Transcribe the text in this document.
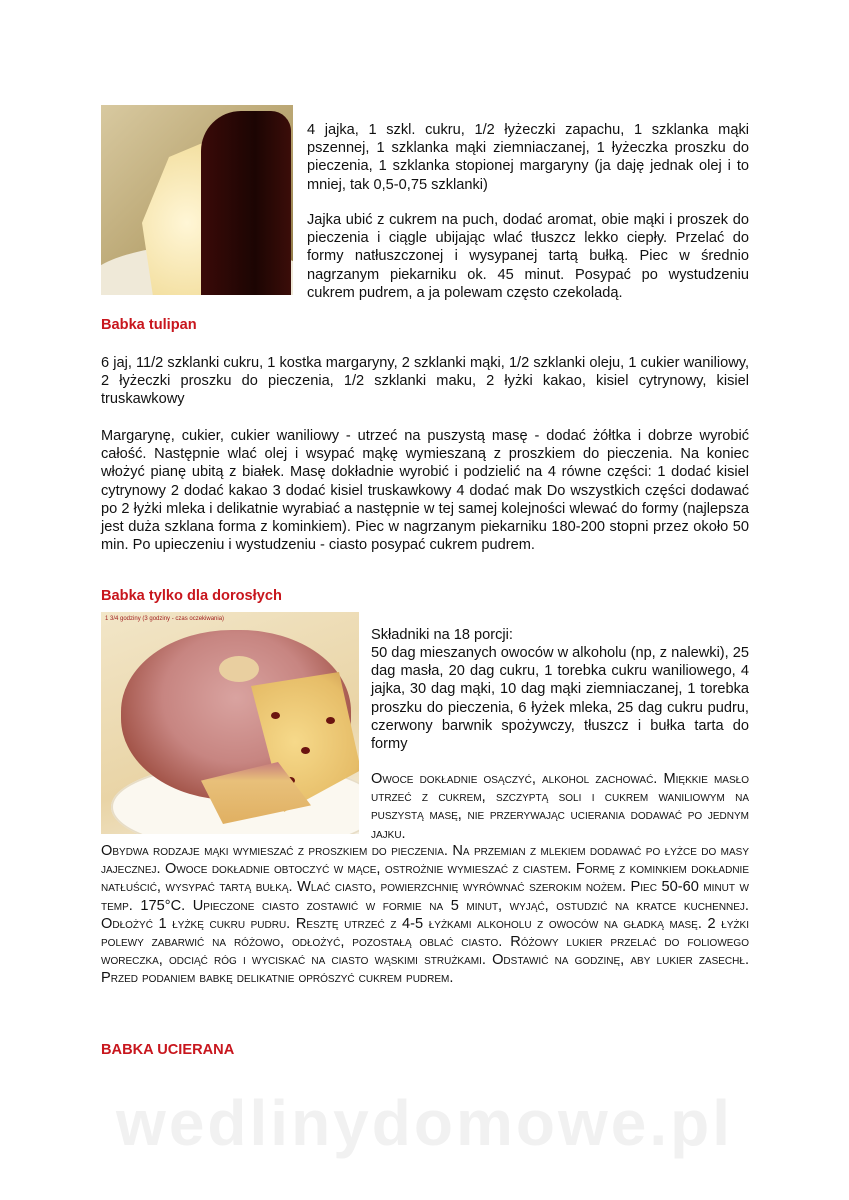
4 jajka, 1 szkl. cukru, 1/2 łyżeczki zapachu, 1 szklanka mąki pszennej, 1 szklanka mąki ziemniaczanej, 1 łyżeczka proszku do pieczenia, 1 szklanka stopionej margaryny (ja daję jednak olej i to mniej, tak 0,5-0,75 szklanki)

Jajka ubić z cukrem na puch, dodać aromat, obie mąki i proszek do pieczenia i ciągle ubijając wlać tłuszcz lekko ciepły. Przelać do formy natłuszczonej i wysypanej tartą bułką. Piec w średnio nagrzanym piekarniku ok. 45 minut. Posypać po wystudzeniu cukrem pudrem, a ja polewam często czekoladą.

Babka tulipan

6 jaj, 11/2 szklanki cukru, 1 kostka margaryny, 2 szklanki mąki, 1/2 szklanki oleju, 1 cukier waniliowy, 2 łyżeczki proszku do pieczenia, 1/2 szklanki maku, 2 łyżki kakao, kisiel cytrynowy, kisiel truskawkowy

Margarynę, cukier, cukier waniliowy - utrzeć na puszystą masę - dodać żółtka i dobrze wyrobić całość. Następnie wlać olej i wsypać mąkę wymieszaną z proszkiem do pieczenia. Na koniec włożyć pianę ubitą z białek. Masę dokładnie wyrobić i podzielić na 4 równe części: 1 dodać kisiel cytrynowy 2 dodać kakao 3 dodać kisiel truskawkowy 4 dodać mak Do wszystkich części dodawać po 2 łyżki mleka i delikatnie wyrabiać a następnie w tej samej kolejności wlewać do formy (najlepsza jest duża szklana forma z kominkiem). Piec w nagrzanym piekarniku 180-200 stopni przez około 50 min. Po upieczeniu i wystudzeniu - ciasto posypać cukrem pudrem.

Babka tylko dla dorosłych
1 3/4 godziny (3 godziny - czas oczekiwania)

Składniki na 18 porcji:

50 dag mieszanych owoców w alkoholu (np, z nalewki), 25 dag masła, 20 dag cukru, 1 torebka cukru waniliowego, 4 jajka, 30 dag mąki, 10 dag mąki ziemniaczanej, 1 torebka proszku do pieczenia, 6 łyżek mleka, 25 dag cukru pudru, czerwony barwnik spożywczy, tłuszcz i bułka tarta do formy

Owoce dokładnie osączyć, alkohol zachować. Miękkie masło utrzeć z cukrem, szczyptą soli i cukrem waniliowym na puszystą masę, nie przerywając ucierania dodawać po jednym jajku.

Obydwa rodzaje mąki wymieszać z proszkiem do pieczenia. Na przemian z mlekiem dodawać po łyżce do masy jajecznej. Owoce dokładnie obtoczyć w mące, ostrożnie wymieszać z ciastem. Formę z kominkiem dokładnie natłuścić, wysypać tartą bułką. Wlać ciasto, powierzchnię wyrównać szerokim nożem. Piec 50-60 minut w temp. 175°C. Upieczone ciasto zostawić w formie na 5 minut, wyjąć, ostudzić na kratce kuchennej. Odłożyć 1 łyżkę cukru pudru. Resztę utrzeć z 4-5 łyżkami alkoholu z owoców na gładką masę. 2 łyżki polewy zabarwić na różowo, odłożyć, pozostałą oblać ciasto. Różowy lukier przelać do foliowego woreczka, odciąć róg i wyciskać na ciasto wąskimi strużkami. Odstawić na godzinę, aby lukier zasechł. Przed podaniem babkę delikatnie oprószyć cukrem pudrem.

BABKA UCIERANA
wedlinydomowe.pl
